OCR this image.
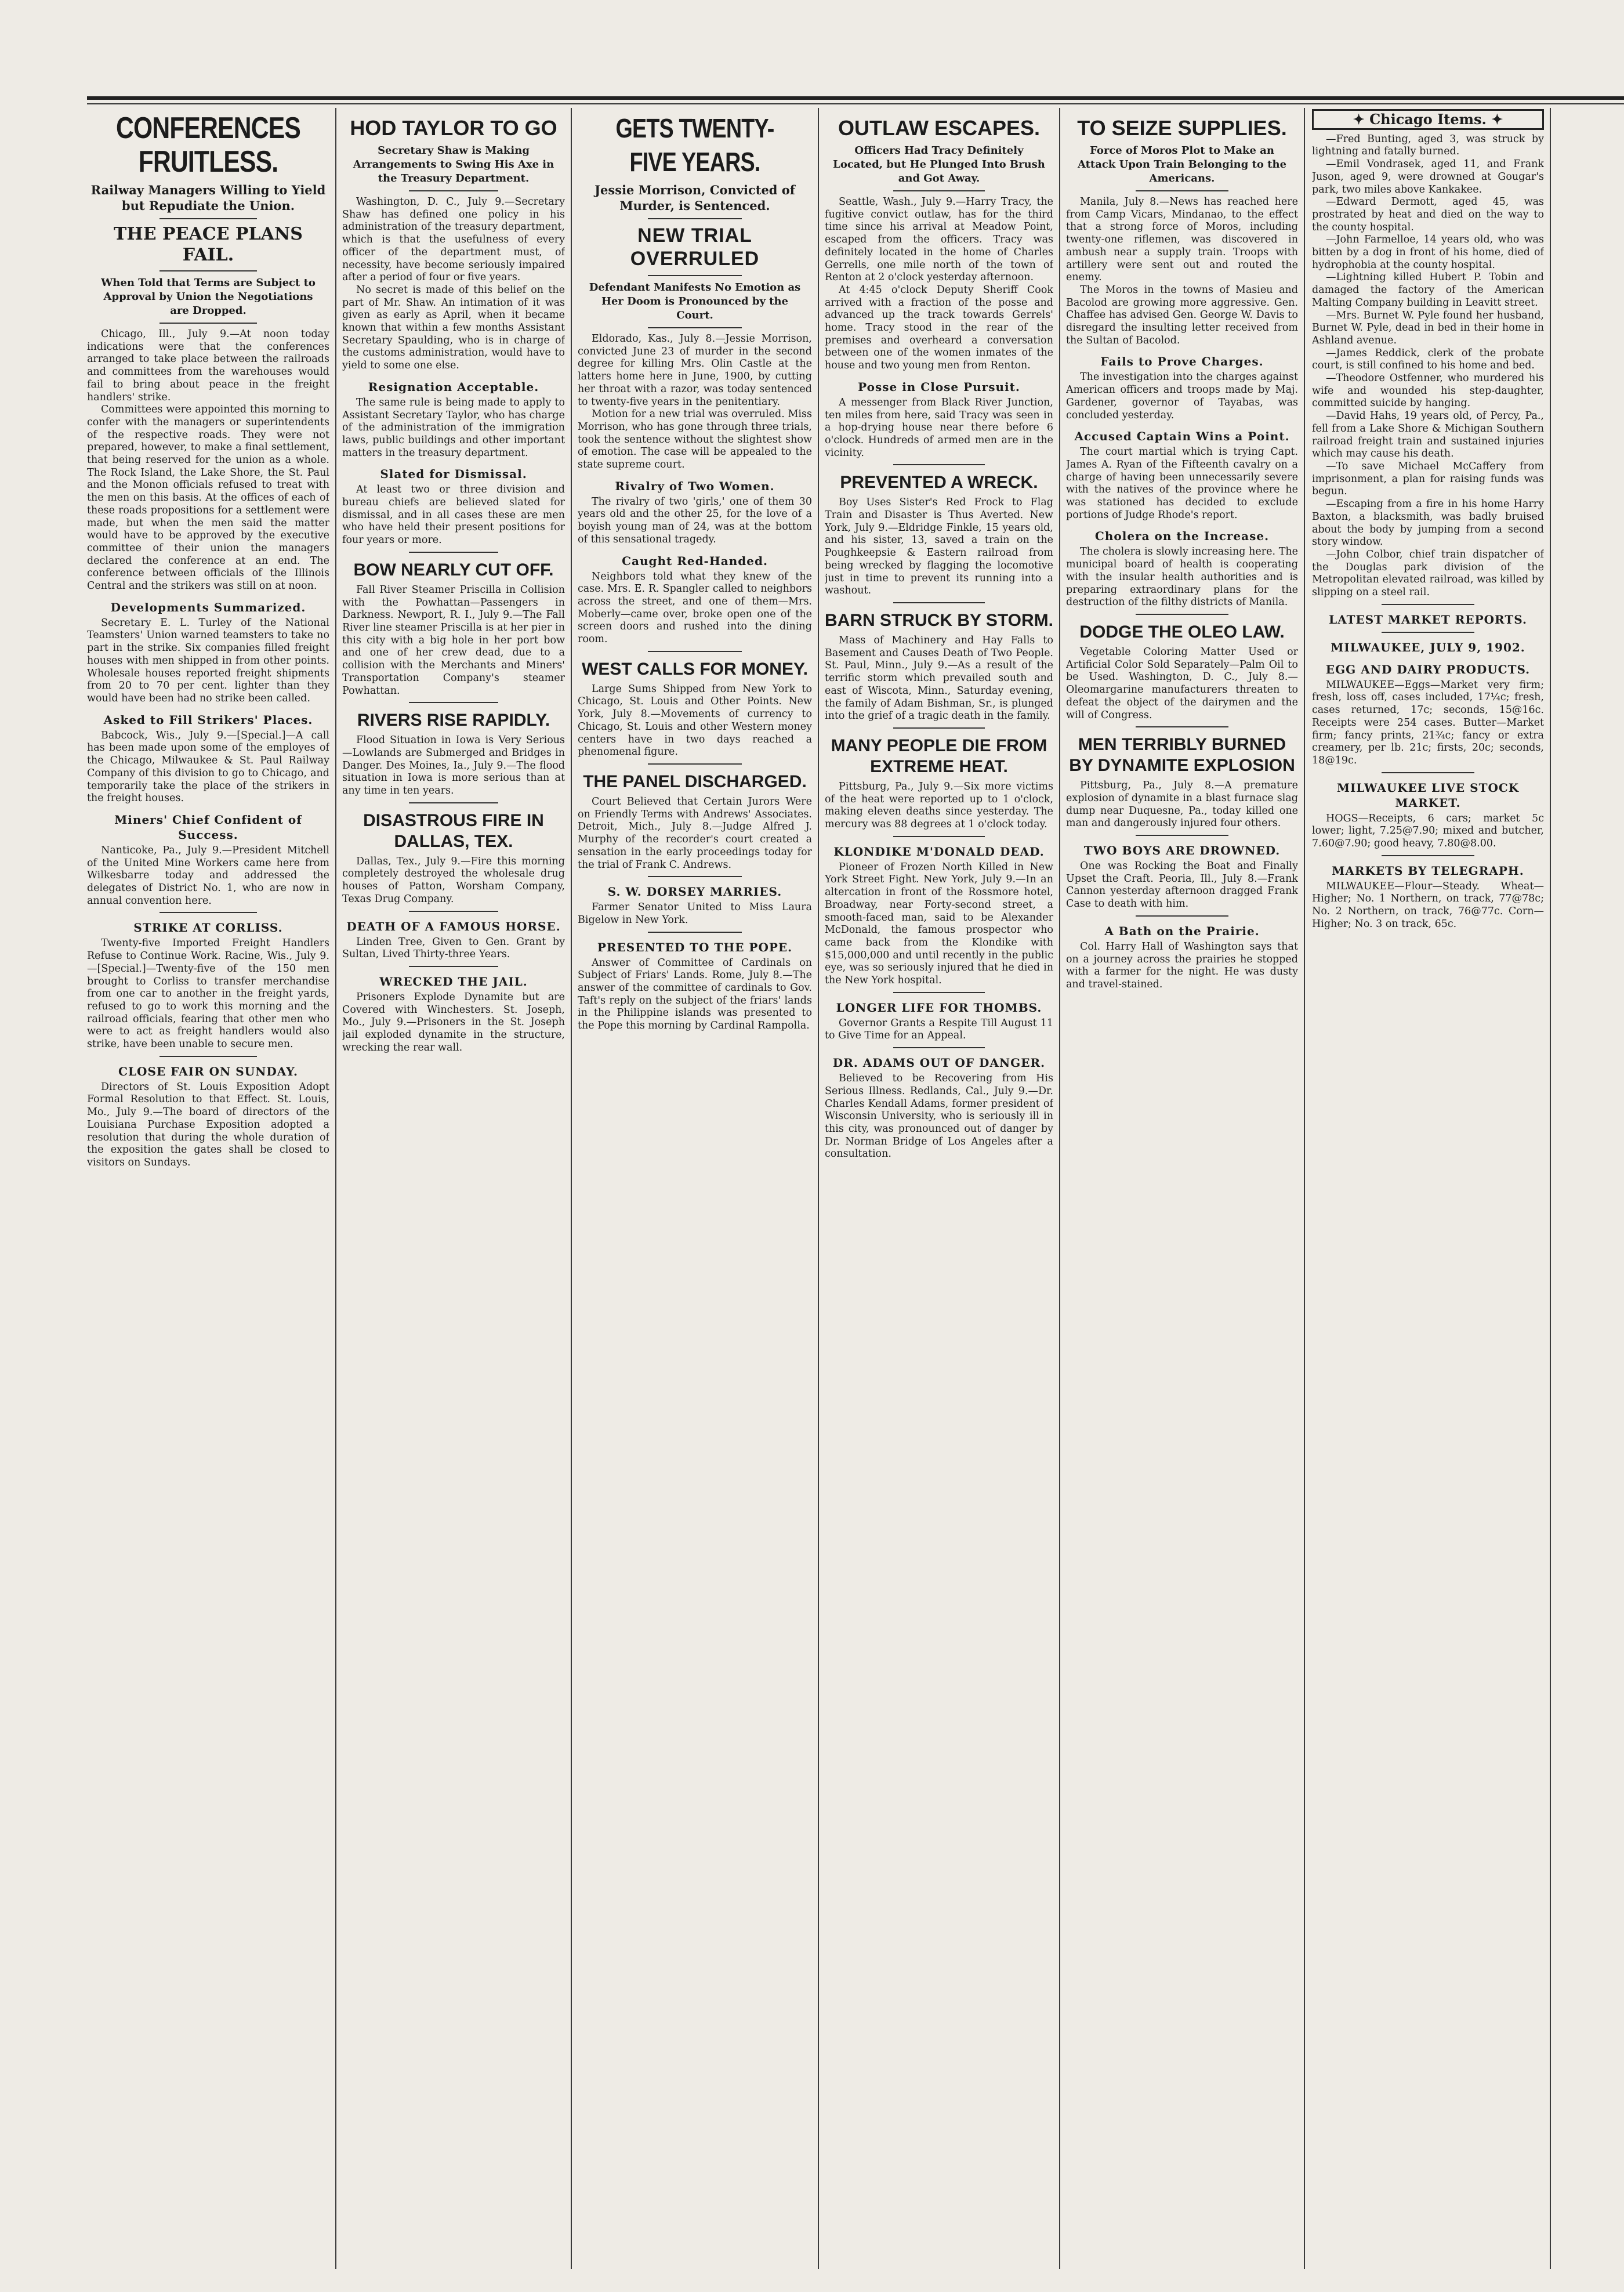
CONFERENCES FRUITLESS.
Railway Managers Willing to Yield but Repudiate the Union.
THE PEACE PLANS FAIL.
When Told that Terms are Subject to Approval by Union the Negotiations are Dropped.

Chicago, Ill., July 9.—At noon today indications were that the conferences arranged to take place between the railroads and committees from the warehouses would fail to bring about peace in the freight handlers' strike.

Committees were appointed this morning to confer with the managers or superintendents of the respective roads. They were not prepared, however, to make a final settlement, that being reserved for the union as a whole. The Rock Island, the Lake Shore, the St. Paul and the Monon officials refused to treat with the men on this basis. At the offices of each of these roads propositions for a settlement were made, but when the men said the matter would have to be approved by the executive committee of their union the managers declared the conference at an end. The conference between officials of the Illinois Central and the strikers was still on at noon.

Developments Summarized.

Secretary E. L. Turley of the National Teamsters' Union warned teamsters to take no part in the strike. Six companies filled freight houses with men shipped in from other points. Wholesale houses reported freight shipments from 20 to 70 per cent. lighter than they would have been had no strike been called.

Asked to Fill Strikers' Places.

Babcock, Wis., July 9.—[Special.]—A call has been made upon some of the employes of the Chicago, Milwaukee & St. Paul Railway Company of this division to go to Chicago, and temporarily take the place of the strikers in the freight houses.

Miners' Chief Confident of Success.

Nanticoke, Pa., July 9.—President Mitchell of the United Mine Workers came here from Wilkesbarre today and addressed the delegates of District No. 1, who are now in annual convention here.

STRIKE AT CORLISS.

Twenty-five Imported Freight Handlers Refuse to Continue Work. Racine, Wis., July 9.—[Special.]—Twenty-five of the 150 men brought to Corliss to transfer merchandise from one car to another in the freight yards, refused to go to work this morning and the railroad officials, fearing that other men who were to act as freight handlers would also strike, have been unable to secure men.

CLOSE FAIR ON SUNDAY.

Directors of St. Louis Exposition Adopt Formal Resolution to that Effect. St. Louis, Mo., July 9.—The board of directors of the Louisiana Purchase Exposition adopted a resolution that during the whole duration of the exposition the gates shall be closed to visitors on Sundays.

HOD TAYLOR TO GO
Secretary Shaw is Making Arrangements to Swing His Axe in the Treasury Department.

Washington, D. C., July 9.—Secretary Shaw has defined one policy in his administration of the treasury department, which is that the usefulness of every officer of the department must, of necessity, have become seriously impaired after a period of four or five years.

No secret is made of this belief on the part of Mr. Shaw. An intimation of it was given as early as April, when it became known that within a few months Assistant Secretary Spaulding, who is in charge of the customs administration, would have to yield to some one else.

Resignation Acceptable.

The same rule is being made to apply to Assistant Secretary Taylor, who has charge of the administration of the immigration laws, public buildings and other important matters in the treasury department.

Slated for Dismissal.

At least two or three division and bureau chiefs are believed slated for dismissal, and in all cases these are men who have held their present positions for four years or more.

BOW NEARLY CUT OFF.

Fall River Steamer Priscilla in Collision with the Powhattan—Passengers in Darkness. Newport, R. I., July 9.—The Fall River line steamer Priscilla is at her pier in this city with a big hole in her port bow and one of her crew dead, due to a collision with the Merchants and Miners' Transportation Company's steamer Powhattan.

RIVERS RISE RAPIDLY.

Flood Situation in Iowa is Very Serious—Lowlands are Submerged and Bridges in Danger. Des Moines, Ia., July 9.—The flood situation in Iowa is more serious than at any time in ten years.

DISASTROUS FIRE IN DALLAS, TEX.

Dallas, Tex., July 9.—Fire this morning completely destroyed the wholesale drug houses of Patton, Worsham Company, Texas Drug Company.

DEATH OF A FAMOUS HORSE.

Linden Tree, Given to Gen. Grant by Sultan, Lived Thirty-three Years.

WRECKED THE JAIL.

Prisoners Explode Dynamite but are Covered with Winchesters. St. Joseph, Mo., July 9.—Prisoners in the St. Joseph jail exploded dynamite in the structure, wrecking the rear wall.

GETS TWENTY-FIVE YEARS.
Jessie Morrison, Convicted of Murder, is Sentenced.
NEW TRIAL OVERRULED
Defendant Manifests No Emotion as Her Doom is Pronounced by the Court.

Eldorado, Kas., July 8.—Jessie Morrison, convicted June 23 of murder in the second degree for killing Mrs. Olin Castle at the latters home here in June, 1900, by cutting her throat with a razor, was today sentenced to twenty-five years in the penitentiary.

Motion for a new trial was overruled. Miss Morrison, who has gone through three trials, took the sentence without the slightest show of emotion. The case will be appealed to the state supreme court.

Rivalry of Two Women.

The rivalry of two 'girls,' one of them 30 years old and the other 25, for the love of a boyish young man of 24, was at the bottom of this sensational tragedy.

Caught Red-Handed.

Neighbors told what they knew of the case. Mrs. E. R. Spangler called to neighbors across the street, and one of them—Mrs. Moberly—came over, broke open one of the screen doors and rushed into the dining room.

WEST CALLS FOR MONEY.

Large Sums Shipped from New York to Chicago, St. Louis and Other Points. New York, July 8.—Movements of currency to Chicago, St. Louis and other Western money centers have in two days reached a phenomenal figure.

THE PANEL DISCHARGED.

Court Believed that Certain Jurors Were on Friendly Terms with Andrews' Associates. Detroit, Mich., July 8.—Judge Alfred J. Murphy of the recorder's court created a sensation in the early proceedings today for the trial of Frank C. Andrews.

S. W. DORSEY MARRIES.

Farmer Senator United to Miss Laura Bigelow in New York.

PRESENTED TO THE POPE.

Answer of Committee of Cardinals on Subject of Friars' Lands. Rome, July 8.—The answer of the committee of cardinals to Gov. Taft's reply on the subject of the friars' lands in the Philippine islands was presented to the Pope this morning by Cardinal Rampolla.

OUTLAW ESCAPES.
Officers Had Tracy Definitely Located, but He Plunged Into Brush and Got Away.

Seattle, Wash., July 9.—Harry Tracy, the fugitive convict outlaw, has for the third time since his arrival at Meadow Point, escaped from the officers. Tracy was definitely located in the home of Charles Gerrells, one mile north of the town of Renton at 2 o'clock yesterday afternoon.

At 4:45 o'clock Deputy Sheriff Cook arrived with a fraction of the posse and advanced up the track towards Gerrels' home. Tracy stood in the rear of the premises and overheard a conversation between one of the women inmates of the house and two young men from Renton.

Posse in Close Pursuit.

A messenger from Black River Junction, ten miles from here, said Tracy was seen in a hop-drying house near there before 6 o'clock. Hundreds of armed men are in the vicinity.

PREVENTED A WRECK.

Boy Uses Sister's Red Frock to Flag Train and Disaster is Thus Averted. New York, July 9.—Eldridge Finkle, 15 years old, and his sister, 13, saved a train on the Poughkeepsie & Eastern railroad from being wrecked by flagging the locomotive just in time to prevent its running into a washout.

BARN STRUCK BY STORM.

Mass of Machinery and Hay Falls to Basement and Causes Death of Two People. St. Paul, Minn., July 9.—As a result of the terrific storm which prevailed south and east of Wiscota, Minn., Saturday evening, the family of Adam Bishman, Sr., is plunged into the grief of a tragic death in the family.

MANY PEOPLE DIE FROM EXTREME HEAT.

Pittsburg, Pa., July 9.—Six more victims of the heat were reported up to 1 o'clock, making eleven deaths since yesterday. The mercury was 88 degrees at 1 o'clock today.

KLONDIKE M'DONALD DEAD.

Pioneer of Frozen North Killed in New York Street Fight. New York, July 9.—In an altercation in front of the Rossmore hotel, Broadway, near Forty-second street, a smooth-faced man, said to be Alexander McDonald, the famous prospector who came back from the Klondike with $15,000,000 and until recently in the public eye, was so seriously injured that he died in the New York hospital.

LONGER LIFE FOR THOMBS.

Governor Grants a Respite Till August 11 to Give Time for an Appeal.

DR. ADAMS OUT OF DANGER.

Believed to be Recovering from His Serious Illness. Redlands, Cal., July 9.—Dr. Charles Kendall Adams, former president of Wisconsin University, who is seriously ill in this city, was pronounced out of danger by Dr. Norman Bridge of Los Angeles after a consultation.

TO SEIZE SUPPLIES.
Force of Moros Plot to Make an Attack Upon Train Belonging to the Americans.

Manila, July 8.—News has reached here from Camp Vicars, Mindanao, to the effect that a strong force of Moros, including twenty-one riflemen, was discovered in ambush near a supply train. Troops with artillery were sent out and routed the enemy.

The Moros in the towns of Masieu and Bacolod are growing more aggressive. Gen. Chaffee has advised Gen. George W. Davis to disregard the insulting letter received from the Sultan of Bacolod.

Fails to Prove Charges.

The investigation into the charges against American officers and troops made by Maj. Gardener, governor of Tayabas, was concluded yesterday.

Accused Captain Wins a Point.

The court martial which is trying Capt. James A. Ryan of the Fifteenth cavalry on a charge of having been unnecessarily severe with the natives of the province where he was stationed has decided to exclude portions of Judge Rhode's report.

Cholera on the Increase.

The cholera is slowly increasing here. The municipal board of health is cooperating with the insular health authorities and is preparing extraordinary plans for the destruction of the filthy districts of Manila.

DODGE THE OLEO LAW.

Vegetable Coloring Matter Used or Artificial Color Sold Separately—Palm Oil to be Used. Washington, D. C., July 8.—Oleomargarine manufacturers threaten to defeat the object of the dairymen and the will of Congress.

MEN TERRIBLY BURNED BY DYNAMITE EXPLOSION

Pittsburg, Pa., July 8.—A premature explosion of dynamite in a blast furnace slag dump near Duquesne, Pa., today killed one man and dangerously injured four others.

TWO BOYS ARE DROWNED.

One was Rocking the Boat and Finally Upset the Craft. Peoria, Ill., July 8.—Frank Cannon yesterday afternoon dragged Frank Case to death with him.

A Bath on the Prairie.

Col. Harry Hall of Washington says that on a journey across the prairies he stopped with a farmer for the night. He was dusty and travel-stained.

✦ Chicago Items. ✦

—Fred Bunting, aged 3, was struck by lightning and fatally burned.

—Emil Vondrasek, aged 11, and Frank Juson, aged 9, were drowned at Gougar's park, two miles above Kankakee.

—Edward Dermott, aged 45, was prostrated by heat and died on the way to the county hospital.

—John Farmelloe, 14 years old, who was bitten by a dog in front of his home, died of hydrophobia at the county hospital.

—Lightning killed Hubert P. Tobin and damaged the factory of the American Malting Company building in Leavitt street.

—Mrs. Burnet W. Pyle found her husband, Burnet W. Pyle, dead in bed in their home in Ashland avenue.

—James Reddick, clerk of the probate court, is still confined to his home and bed.

—Theodore Ostfenner, who murdered his wife and wounded his step-daughter, committed suicide by hanging.

—David Hahs, 19 years old, of Percy, Pa., fell from a Lake Shore & Michigan Southern railroad freight train and sustained injuries which may cause his death.

—To save Michael McCaffery from imprisonment, a plan for raising funds was begun.

—Escaping from a fire in his home Harry Baxton, a blacksmith, was badly bruised about the body by jumping from a second story window.

—John Colbor, chief train dispatcher of the Douglas park division of the Metropolitan elevated railroad, was killed by slipping on a steel rail.

LATEST MARKET REPORTS.
MILWAUKEE, JULY 9, 1902.
EGG AND DAIRY PRODUCTS.

MILWAUKEE—Eggs—Market very firm; fresh, loss off, cases included, 17¼c; fresh, cases returned, 17c; seconds, 15@16c. Receipts were 254 cases. Butter—Market firm; fancy prints, 21¾c; fancy or extra creamery, per lb. 21c; firsts, 20c; seconds, 18@19c.

MILWAUKEE LIVE STOCK MARKET.

HOGS—Receipts, 6 cars; market 5c lower; light, 7.25@7.90; mixed and butcher, 7.60@7.90; good heavy, 7.80@8.00.

MARKETS BY TELEGRAPH.

MILWAUKEE—Flour—Steady. Wheat—Higher; No. 1 Northern, on track, 77@78c; No. 2 Northern, on track, 76@77c. Corn—Higher; No. 3 on track, 65c.
